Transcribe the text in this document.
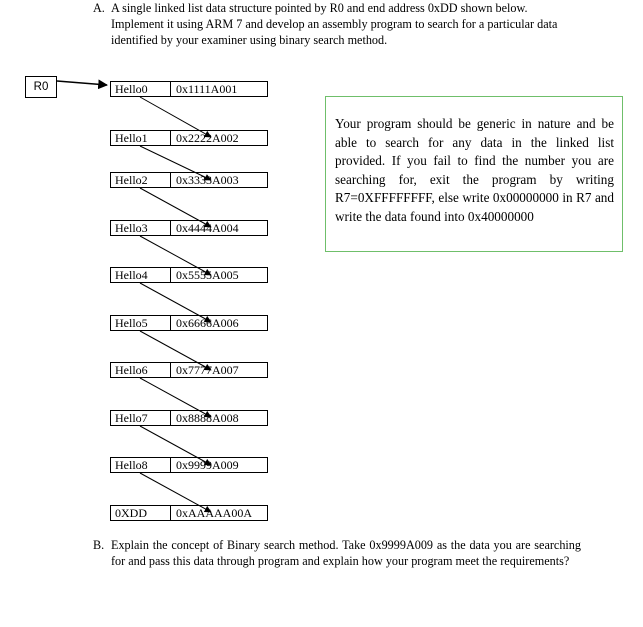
A. A single linked list data structure pointed by R0 and end address 0xDD shown below. Implement it using ARM 7 and develop an assembly program to search for a particular data identified by your examiner using binary search method.
R0	Hello0	0x1111A001
Hello1	0x2222A002
Hello2	0x3333A003
Hello3	0x4444A004
Hello4	0x5555A005
Hello5	0x6666A006
Hello6	0x7777A007
Hello7	0x8888A008
Hello8	0x9999A009
0XDD	0xAAAAA00A
Your program should be generic in nature and be able to search for any data in the linked list provided. If you fail to find the number you are searching for, exit the program by writing R7=0XFFFFFFFF, else write 0x00000000 in R7 and write the data found into 0x40000000
B. Explain the concept of Binary search method. Take 0x9999A009 as the data you are searching for and pass this data through program and explain how your program meet the requirements?
